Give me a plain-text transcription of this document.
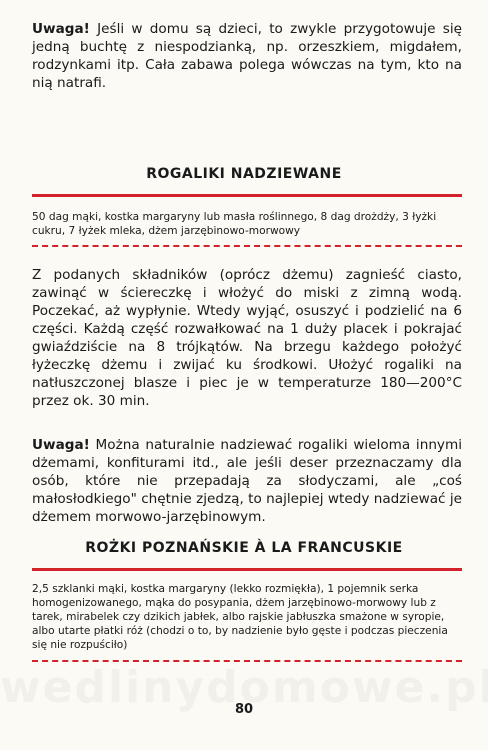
Uwaga! Jeśli w domu są dzieci, to zwykle przygotowuje się jedną buchtę z niespodzianką, np. orzeszkiem, migdałem, rodzynkami itp. Cała zabawa polega wówczas na tym, kto na nią natrafi.

ROGALIKI NADZIEWANE

50 dag mąki, kostka margaryny lub masła roślinnego, 8 dag drożdży, 3 łyżki cukru, 7 łyżek mleka, dżem jarzębinowo-morwowy

Z podanych składników (oprócz dżemu) zagnieść ciasto, zawinąć w ściereczkę i włożyć do miski z zimną wodą. Poczekać, aż wypłynie. Wtedy wyjąć, osuszyć i podzielić na 6 części. Każdą część rozwałkować na 1 duży placek i pokrajać gwiaździście na 8 trójkątów. Na brzegu każdego położyć łyżeczkę dżemu i zwijać ku środkowi. Ułożyć rogaliki na natłuszczonej blasze i piec je w temperaturze 180—200°C przez ok. 30 min.

Uwaga! Można naturalnie nadziewać rogaliki wieloma innymi dżemami, konfiturami itd., ale jeśli deser przeznaczamy dla osób, które nie przepadają za słodyczami, ale „coś małosłodkiego" chętnie zjedzą, to najlepiej wtedy nadziewać je dżemem morwowo-jarzębinowym.

ROŻKI POZNAŃSKIE À LA FRANCUSKIE

2,5 szklanki mąki, kostka margaryny (lekko rozmiękła), 1 pojemnik serka homogenizowanego, mąka do posypania, dżem jarzębinowo-morwowy lub z tarek, mirabelek czy dzikich jabłek, albo rajskie jabłuszka smażone w syropie, albo utarte płatki róż (chodzi o to, by nadzienie było gęste i podczas pieczenia się nie rozpuściło)

80
